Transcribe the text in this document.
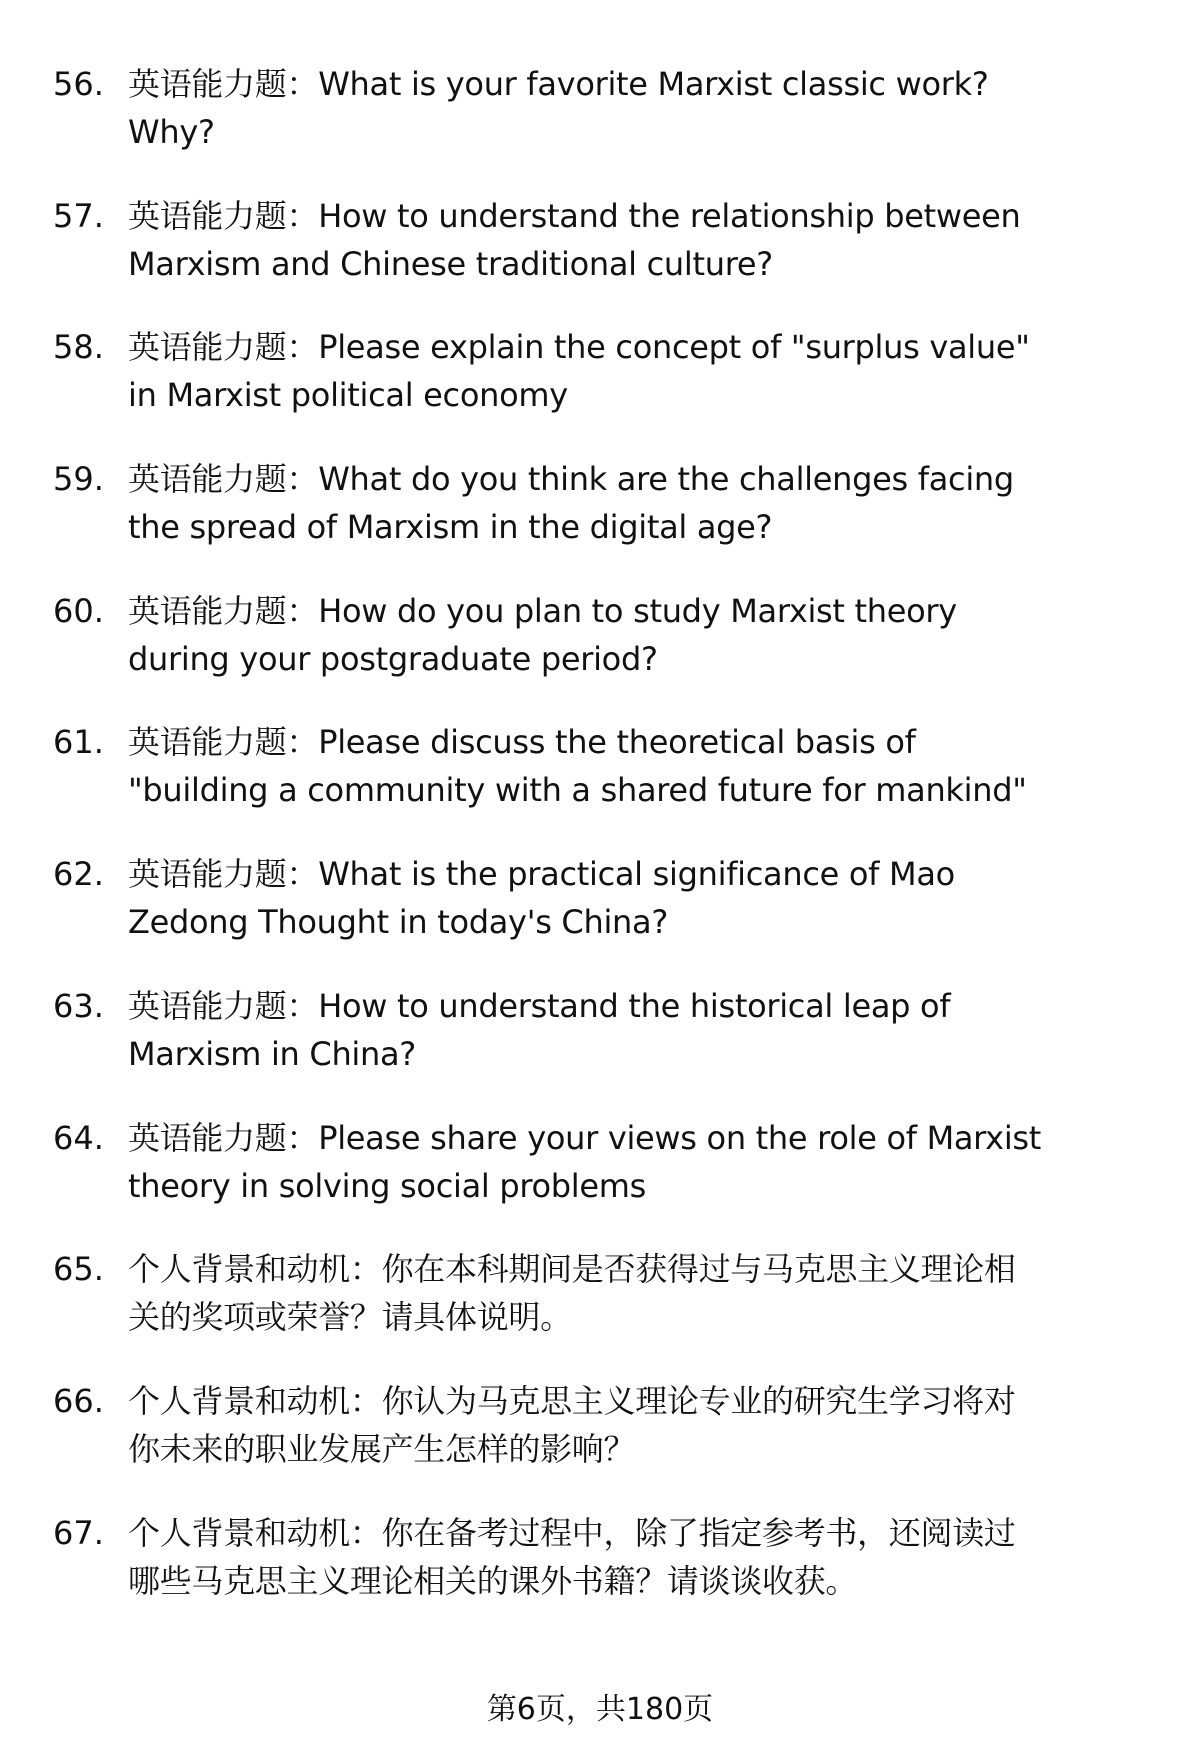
56. 英语能力题：What is your favorite Marxist classic work?
Why?
57. 英语能力题：How to understand the relationship between
Marxism and Chinese traditional culture?
58. 英语能力题：Please explain the concept of "surplus value"
in Marxist political economy
59. 英语能力题：What do you think are the challenges facing
the spread of Marxism in the digital age?
60. 英语能力题：How do you plan to study Marxist theory
during your postgraduate period?
61. 英语能力题：Please discuss the theoretical basis of
"building a community with a shared future for mankind"
62. 英语能力题：What is the practical significance of Mao
Zedong Thought in today's China?
63. 英语能力题：How to understand the historical leap of
Marxism in China?
64. 英语能力题：Please share your views on the role of Marxist
theory in solving social problems
65. 个人背景和动机：你在本科期间是否获得过与马克思主义理论相
关的奖项或荣誉？请具体说明。
66. 个人背景和动机：你认为马克思主义理论专业的研究生学习将对
你未来的职业发展产生怎样的影响？
67. 个人背景和动机：你在备考过程中，除了指定参考书，还阅读过
哪些马克思主义理论相关的课外书籍？请谈谈收获。
第6页，共180页
